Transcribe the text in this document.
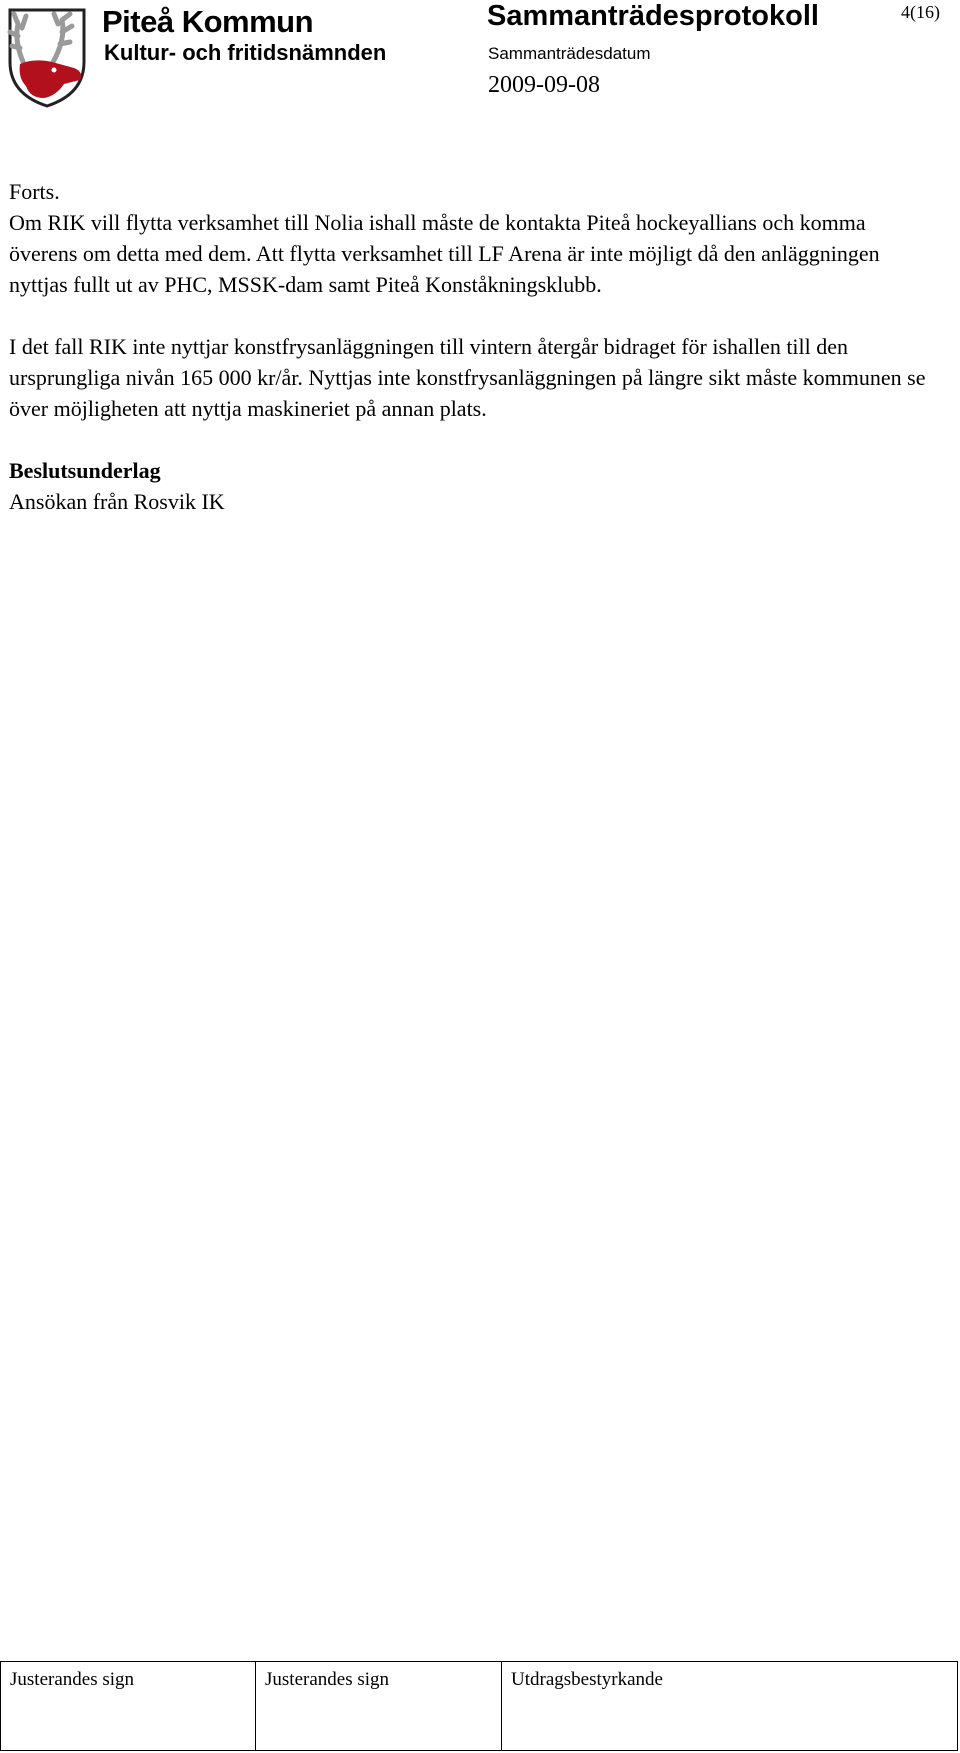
Piteå Kommun
Kultur- och fritidsnämnden
Sammanträdesprotokoll	4(16)
Sammanträdesdatum
2009-09-08

Forts.
Om RIK vill flytta verksamhet till Nolia ishall måste de kontakta Piteå hockeyallians och komma överens om detta med dem. Att flytta verksamhet till LF Arena är inte möjligt då den anläggningen nyttjas fullt ut av PHC, MSSK-dam samt Piteå Konståkningsklubb.

I det fall RIK inte nyttjar konstfrysanläggningen till vintern återgår bidraget för ishallen till den ursprungliga nivån 165 000 kr/år. Nyttjas inte konstfrysanläggningen på längre sikt måste kommunen se över möjligheten att nyttja maskineriet på annan plats.

Beslutsunderlag
Ansökan från Rosvik IK
Justerandes sign	Justerandes sign	Utdragsbestyrkande
